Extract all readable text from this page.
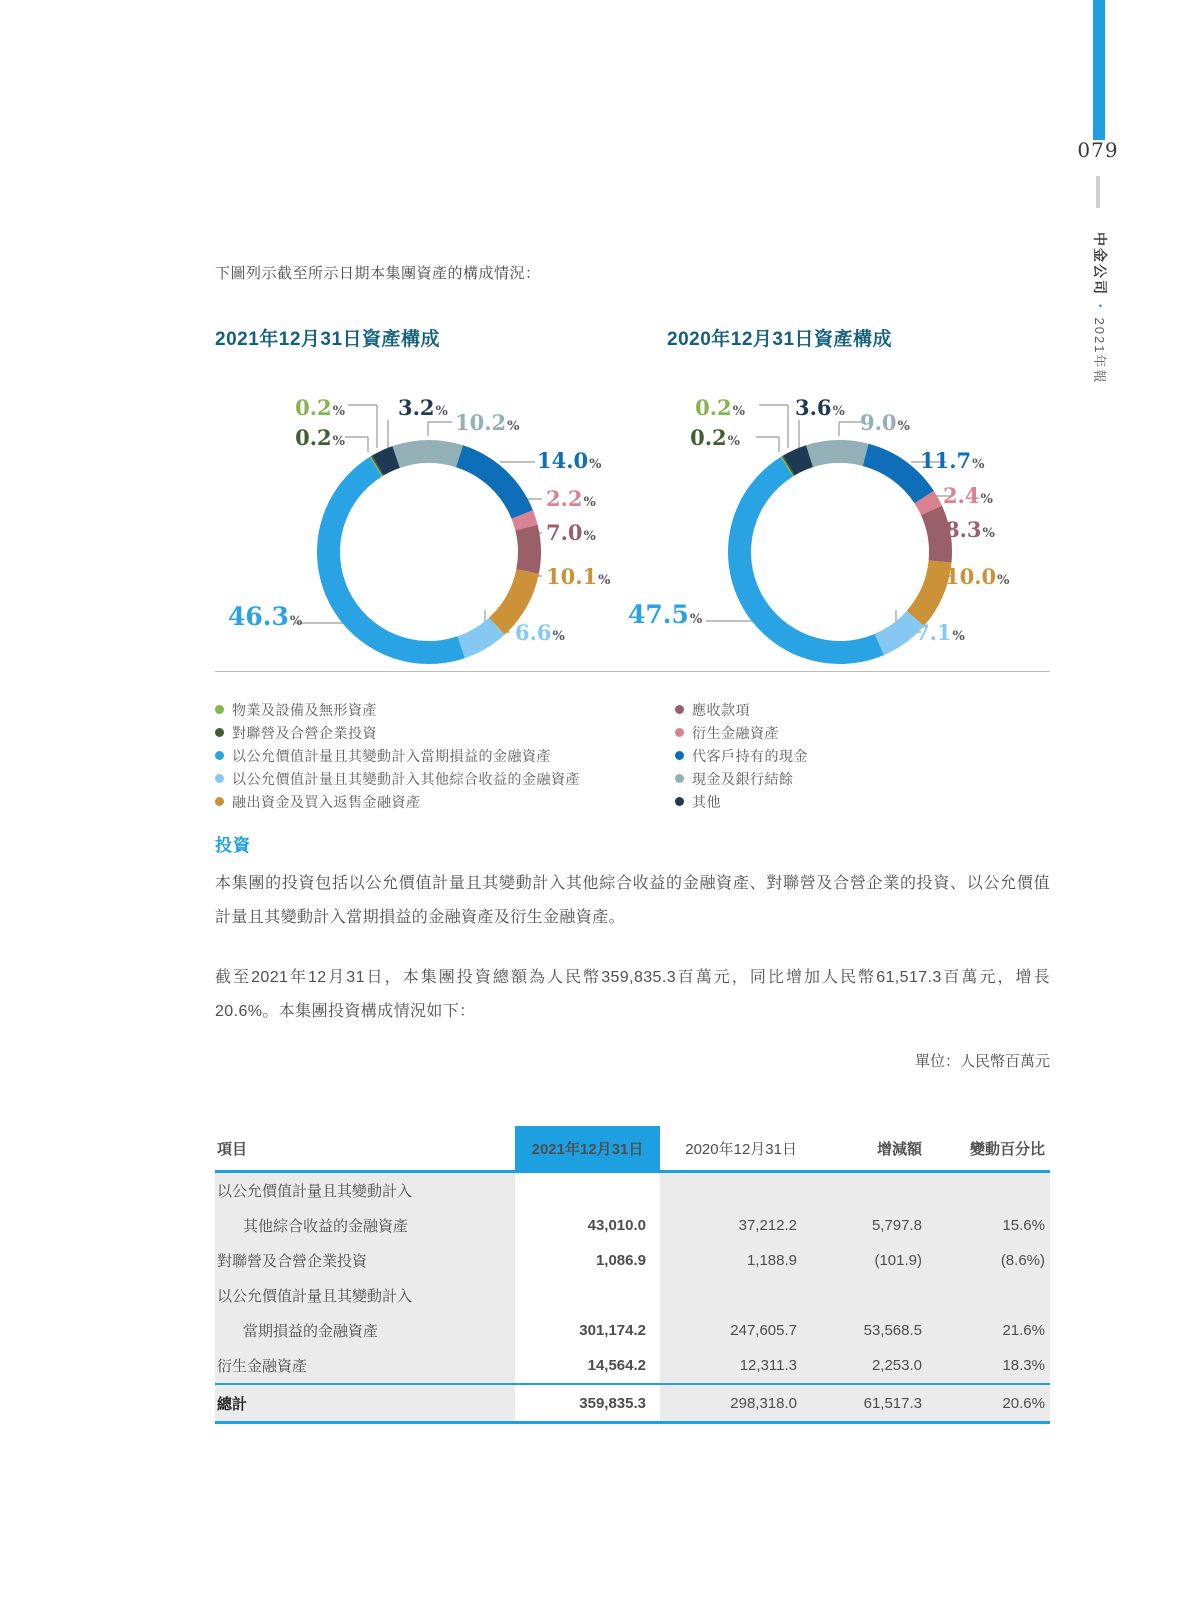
下圖列示截至所示日期本集團資產的構成情況：

2021年12月31日資產構成	2020年12月31日資產構成
0.2%
0.2%
3.2% 10.2%
14.0%
2.2%
7.0%
10.1%
6.6%
46.3%
0.2%
0.2%
3.6% 9.0%
11.7%
2.4%
8.3%
10.0%
7.1%
47.5%
物業及設備及無形資產
對聯營及合營企業投資
以公允價值計量且其變動計入當期損益的金融資產
以公允價值計量且其變動計入其他綜合收益的金融資產
融出資金及買入返售金融資產
應收款項
衍生金融資產
代客戶持有的現金
現金及銀行結餘
其他
投資

本集團的投資包括以公允價值計量且其變動計入其他綜合收益的金融資產、對聯營及合營企業的投資、以公允價值計量且其變動計入當期損益的金融資產及衍生金融資產。

截至2021年12月31日，本集團投資總額為人民幣359,835.3百萬元，同比增加人民幣61,517.3百萬元，增長20.6%。本集團投資構成情況如下：

單位：人民幣百萬元
項目	2021年12月31日	2020年12月31日	增減額	變動百分比
以公允價值計量且其變動計入
其他綜合收益的金融資產	43,010.0	37,212.2	5,797.8	15.6%
對聯營及合營企業投資	1,086.9	1,188.9	(101.9)	(8.6%)
以公允價值計量且其變動計入
當期損益的金融資產	301,174.2	247,605.7	53,568.5	21.6%
衍生金融資產	14,564.2	12,311.3	2,253.0	18.3%
總計	359,835.3	298,318.0	61,517.3	20.6%
079
中金公司•2021年報
